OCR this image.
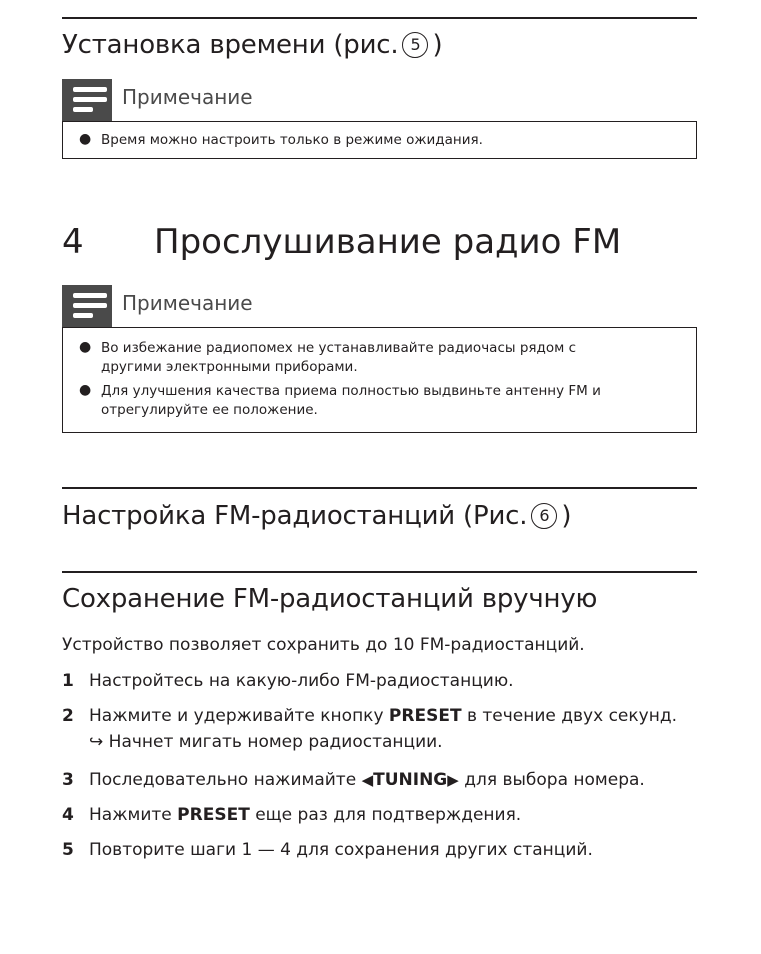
Установка времени (рис. 5 )
Примечание
● Время можно настроить только в режиме ожидания.
4 Прослушивание радио FM
Примечание
● Во избежание радиопомех не устанавливайте радиочасы рядом с
другими электронными приборами.
● Для улучшения качества приема полностью выдвиньте антенну FM и
отрегулируйте ее положение.
Настройка FM-радиостанций (Рис. 6 )
Сохранение FM-радиостанций вручную
Устройство позволяет сохранить до 10 FM-радиостанций.
1 Настройтесь на какую-либо FM-радиостанцию.
2 Нажмите и удерживайте кнопку PRESET в течение двух секунд.
↪ Начнет мигать номер радиостанции.
3 Последовательно нажимайте ◀TUNING▶ для выбора номера.
4 Нажмите PRESET еще раз для подтверждения.
5 Повторите шаги 1 — 4 для сохранения других станций.
